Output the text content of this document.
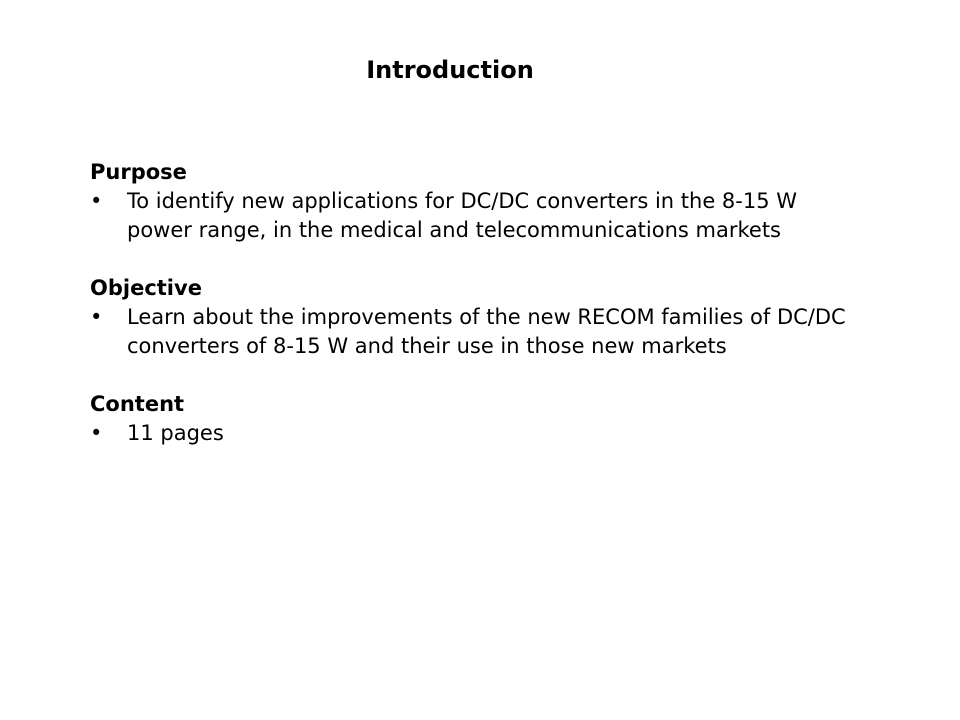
Introduction
Purpose
•	To identify new applications for DC/DC converters in the 8-15 W power range, in the medical and telecommunications markets
Objective
•	Learn about the improvements of the new RECOM families of DC/DC converters of 8-15 W and their use in those new markets
Content
•	11 pages
